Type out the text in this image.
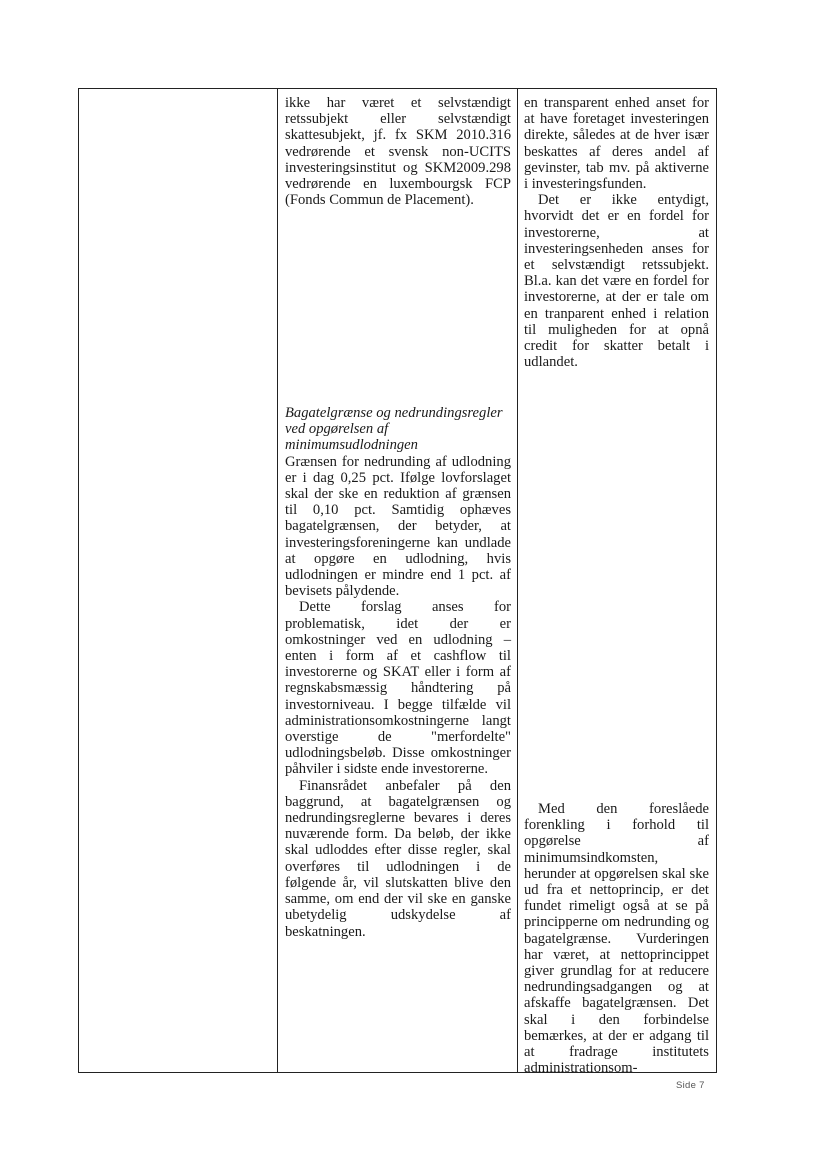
ikke har været et selvstændigt retssubjekt eller selvstændigt skattesubjekt, jf. fx SKM 2010.316 vedrørende et svensk non-UCITS investeringsinstitut og SKM2009.298 vedrørende en luxembourgsk FCP (Fonds Commun de Placement).

Bagatelgrænse og nedrundingsregler ved opgørelsen af minimumsudlodningen

Grænsen for nedrunding af udlodning er i dag 0,25 pct. Ifølge lovforslaget skal der ske en reduktion af grænsen til 0,10 pct. Samtidig ophæves bagatelgrænsen, der betyder, at investeringsforeningerne kan undlade at opgøre en udlodning, hvis udlodningen er mindre end 1 pct. af bevisets pålydende.

Dette forslag anses for problematisk, idet der er omkostninger ved en udlodning – enten i form af et cashflow til investorerne og SKAT eller i form af regnskabsmæssig håndtering på investorniveau. I begge tilfælde vil administrationsomkostningerne langt overstige de "merfordelte" udlodningsbeløb. Disse omkostninger påhviler i sidste ende investorerne.

Finansrådet anbefaler på den baggrund, at bagatelgrænsen og nedrundingsreglerne bevares i deres nuværende form. Da beløb, der ikke skal udloddes efter disse regler, skal overføres til udlodningen i de følgende år, vil slutskatten blive den samme, om end der vil ske en ganske ubetydelig udskydelse af beskatningen.

en transparent enhed anset for at have foretaget investeringen direkte, således at de hver især beskattes af deres andel af gevinster, tab mv. på aktiverne i investeringsfunden.

Det er ikke entydigt, hvorvidt det er en fordel for investorerne, at investeringsenheden anses for et selvstændigt retssubjekt. Bl.a. kan det være en fordel for investorerne, at der er tale om en tranparent enhed i relation til muligheden for at opnå credit for skatter betalt i udlandet.

Med den foreslåede forenkling i forhold til opgørelse af minimumsindkomsten, herunder at opgørelsen skal ske ud fra et nettoprincip, er det fundet rimeligt også at se på principperne om nedrunding og bagatelgrænse. Vurderingen har været, at nettoprincippet giver grundlag for at reducere nedrundingsadgangen og at afskaffe bagatelgrænsen. Det skal i den forbindelse bemærkes, at der er adgang til at fradrage institutets administrationsom-

Side 7
